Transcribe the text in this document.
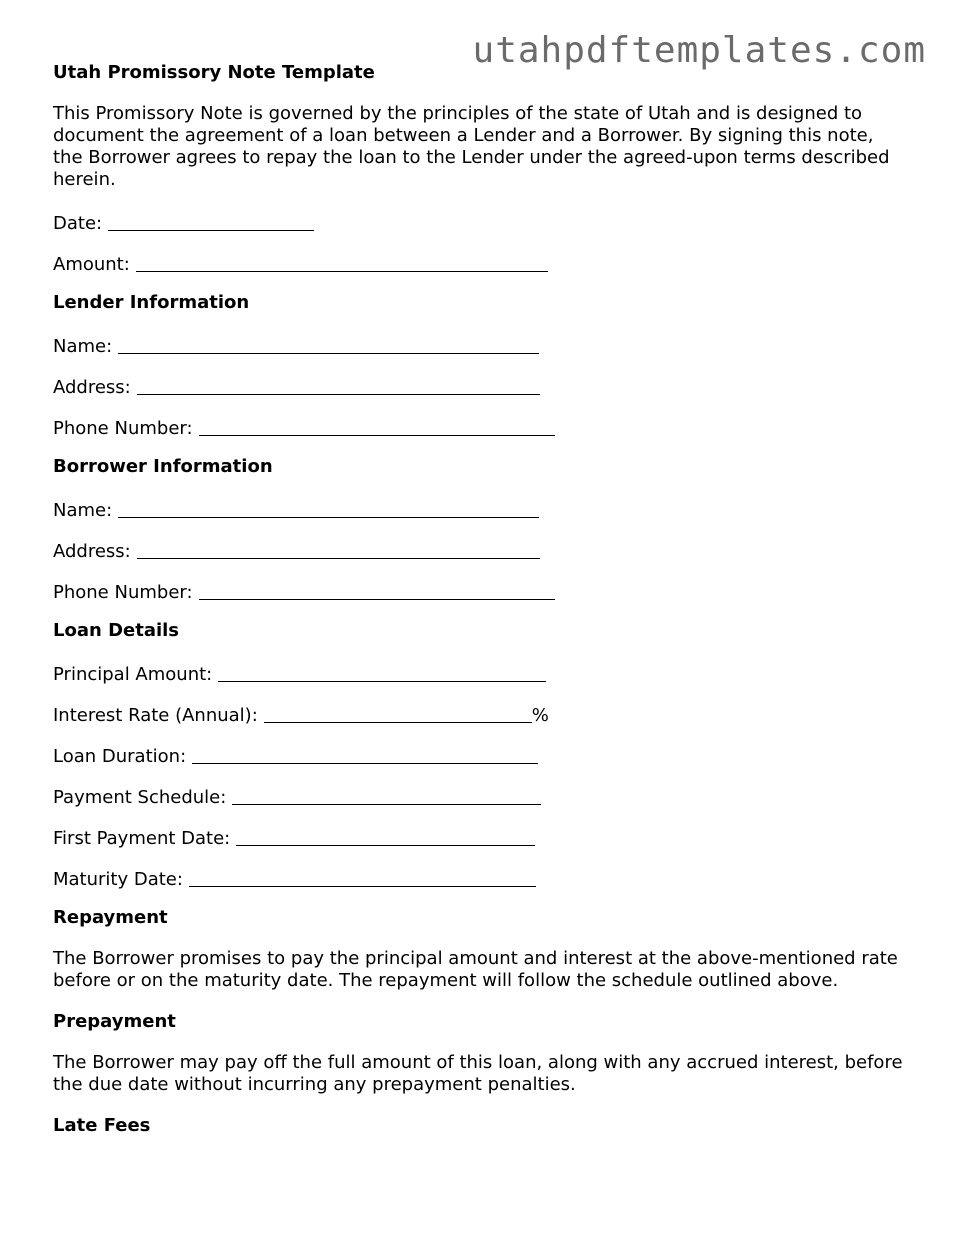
utahpdftemplates.com
Utah Promissory Note Template
This Promissory Note is governed by the principles of the state of Utah and is designed to document the agreement of a loan between a Lender and a Borrower. By signing this note, the Borrower agrees to repay the loan to the Lender under the agreed-upon terms described herein.
Date:
Amount:
Lender Information
Name:
Address:
Phone Number:
Borrower Information
Name:
Address:
Phone Number:
Loan Details
Principal Amount:
Interest Rate (Annual):	%
Loan Duration:
Payment Schedule:
First Payment Date:
Maturity Date:
Repayment
The Borrower promises to pay the principal amount and interest at the above-mentioned rate before or on the maturity date. The repayment will follow the schedule outlined above.
Prepayment
The Borrower may pay off the full amount of this loan, along with any accrued interest, before the due date without incurring any prepayment penalties.
Late Fees
